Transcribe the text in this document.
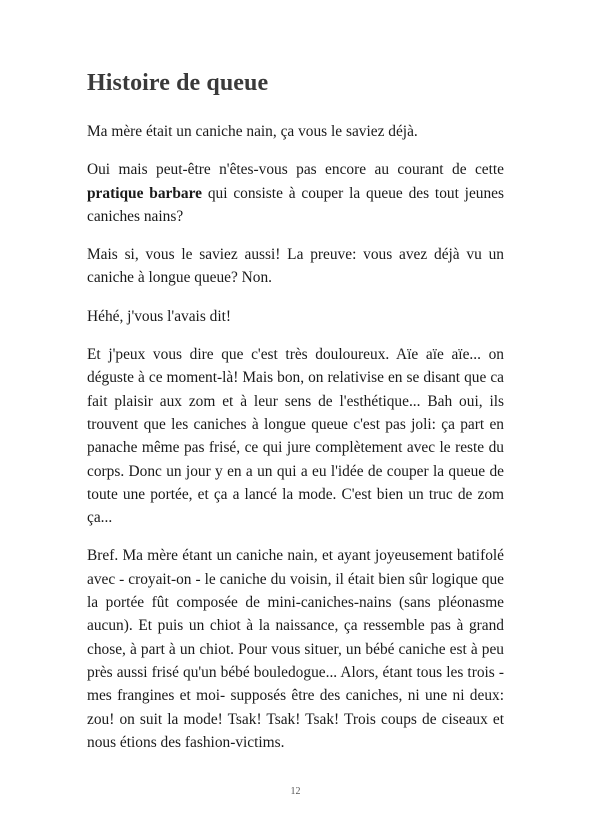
Histoire de queue

Ma mère était un caniche nain, ça vous le saviez déjà.

Oui mais peut-être n'êtes-vous pas encore au courant de cette pratique barbare qui consiste à couper la queue des tout jeunes caniches nains?

Mais si, vous le saviez aussi! La preuve: vous avez déjà vu un caniche à longue queue? Non.

Héhé, j'vous l'avais dit!

Et j'peux vous dire que c'est très douloureux. Aïe aïe aïe... on déguste à ce moment-là! Mais bon, on relativise en se disant que ca fait plaisir aux zom et à leur sens de l'esthétique... Bah oui, ils trouvent que les caniches à longue queue c'est pas joli: ça part en panache même pas frisé, ce qui jure complètement avec le reste du corps. Donc un jour y en a un qui a eu l'idée de couper la queue de toute une portée, et ça a lancé la mode. C'est bien un truc de zom ça...

Bref. Ma mère étant un caniche nain, et ayant joyeusement batifolé avec - croyait-on - le caniche du voisin, il était bien sûr logique que la portée fût composée de mini-caniches-nains (sans pléonasme aucun). Et puis un chiot à la naissance, ça ressemble pas à grand chose, à part à un chiot. Pour vous situer, un bébé caniche est à peu près aussi frisé qu'un bébé bouledogue... Alors, étant tous les trois -mes frangines et moi- supposés être des caniches, ni une ni deux: zou! on suit la mode! Tsak! Tsak! Tsak! Trois coups de ciseaux et nous étions des fashion-victims.

12
